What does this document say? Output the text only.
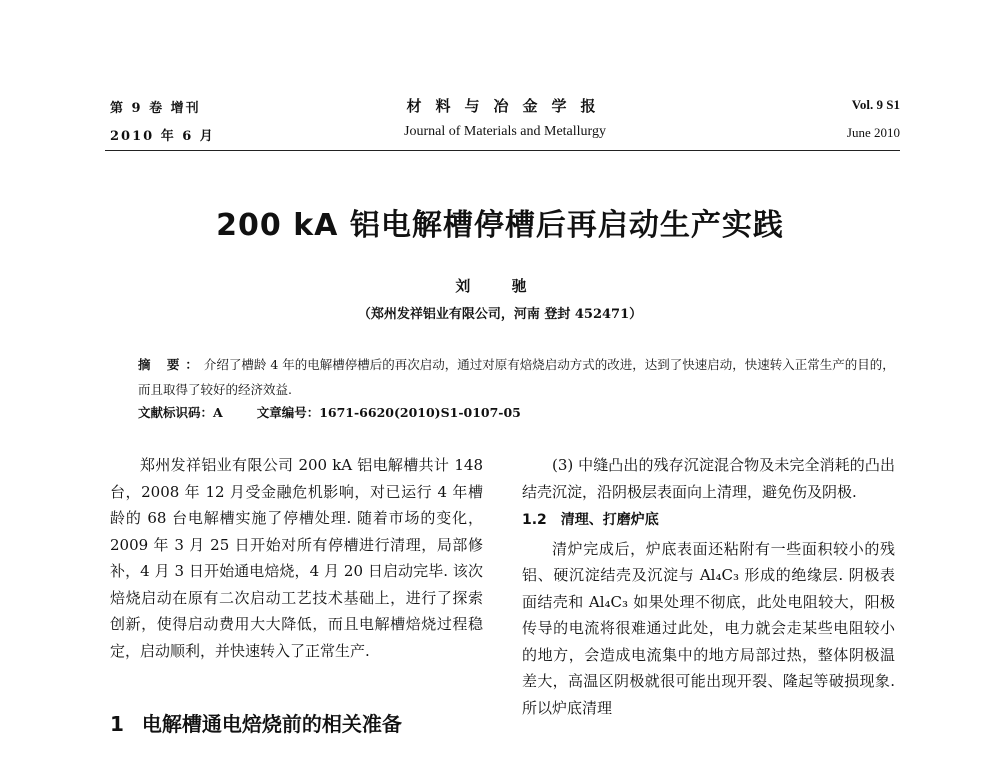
第 9 卷 增刊
2010 年 6 月
材料与冶金学报
Journal of Materials and Metallurgy
Vol. 9 S1
June 2010
200 kA 铝电解槽停槽后再启动生产实践
刘 驰
（郑州发祥铝业有限公司，河南 登封 452471）
摘 要：介绍了槽龄 4 年的电解槽停槽后的再次启动，通过对原有焙烧启动方式的改进，达到了快速启动，快速转入正常生产的目的，而且取得了较好的经济效益.
文献标识码：A	文章编号：1671-6620(2010)S1-0107-05

郑州发祥铝业有限公司 200 kA 铝电解槽共计 148 台，2008 年 12 月受金融危机影响，对已运行 4 年槽龄的 68 台电解槽实施了停槽处理. 随着市场的变化，2009 年 3 月 25 日开始对所有停槽进行清理，局部修补，4 月 3 日开始通电焙烧，4 月 20 日启动完毕. 该次焙烧启动在原有二次启动工艺技术基础上，进行了探索创新，使得启动费用大大降低，而且电解槽焙烧过程稳定，启动顺利，并快速转入了正常生产.

1 电解槽通电焙烧前的相关准备

(3) 中缝凸出的残存沉淀混合物及未完全消耗的凸出结壳沉淀，沿阴极层表面向上清理，避免伤及阴极.

1.2　清理、打磨炉底

清炉完成后，炉底表面还粘附有一些面积较小的残铝、硬沉淀结壳及沉淀与 Al₄C₃ 形成的绝缘层. 阴极表面结壳和 Al₄C₃ 如果处理不彻底，此处电阻较大，阳极传导的电流将很难通过此处，电力就会走某些电阻较小的地方，会造成电流集中的地方局部过热，整体阴极温差大，高温区阴极就很可能出现开裂、隆起等破损现象. 所以炉底清理
